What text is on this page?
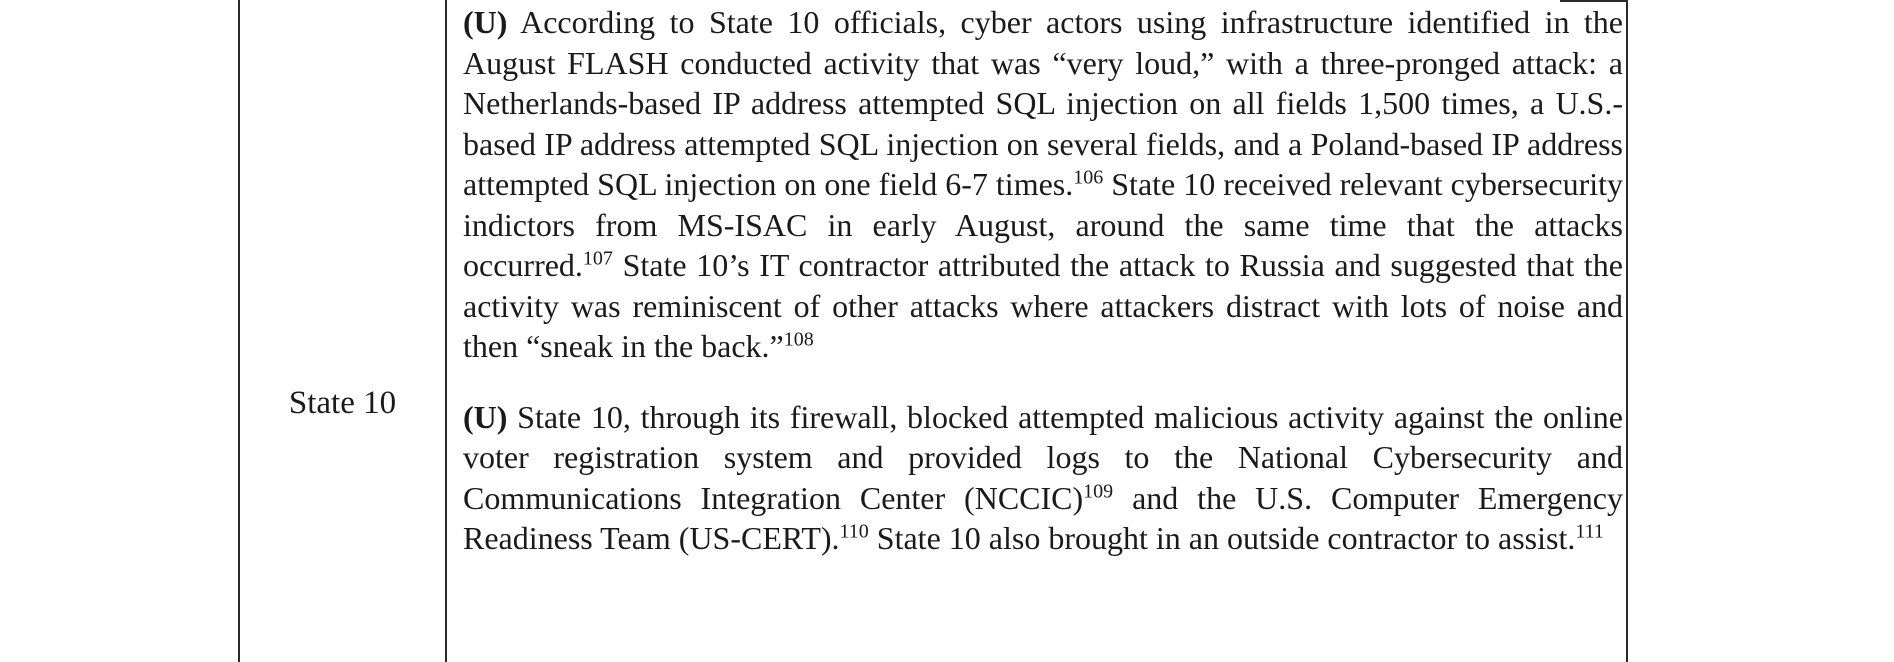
State 10

(U) According to State 10 officials, cyber actors using infrastructure identified in the August FLASH conducted activity that was “very loud,” with a three-pronged attack: a Netherlands-based IP address attempted SQL injection on all fields 1,500 times, a U.S.-based IP address attempted SQL injection on several fields, and a Poland-based IP address attempted SQL injection on one field 6-7 times.$^{106}$ State 10 received relevant cybersecurity indictors from MS-ISAC in early August, around the same time that the attacks occurred.$^{107}$ State 10’s IT contractor attributed the attack to Russia and suggested that the activity was reminiscent of other attacks where attackers distract with lots of noise and then “sneak in the back.”$^{108}$

(U) State 10, through its firewall, blocked attempted malicious activity against the online voter registration system and provided logs to the National Cybersecurity and Communications Integration Center (NCCIC)$^{109}$ and the U.S. Computer Emergency Readiness Team (US-CERT).$^{110}$ State 10 also brought in an outside contractor to assist.$^{111}$
